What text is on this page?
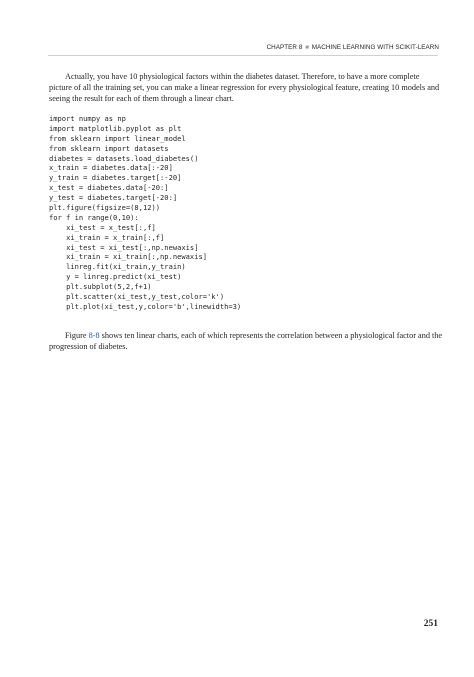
CHAPTER 8 ■ MACHINE LEARNING WITH SCIKIT-LEARN

Actually, you have 10 physiological factors within the diabetes dataset. Therefore, to have a more complete picture of all the training set, you can make a linear regression for every physiological feature, creating 10 models and seeing the result for each of them through a linear chart.

import numpy as np
import matplotlib.pyplot as plt
from sklearn import linear_model
from sklearn import datasets
diabetes = datasets.load_diabetes()
x_train = diabetes.data[:-20]
y_train = diabetes.target[:-20]
x_test = diabetes.data[-20:]
y_test = diabetes.target[-20:]
plt.figure(figsize=(8,12))
for f in range(0,10):
xi_test = x_test[:,f]
xi_train = x_train[:,f]
xi_test = xi_test[:,np.newaxis]
xi_train = xi_train[:,np.newaxis]
linreg.fit(xi_train,y_train)
y = linreg.predict(xi_test)
plt.subplot(5,2,f+1)
plt.scatter(xi_test,y_test,color='k')
plt.plot(xi_test,y,color='b',linewidth=3)

Figure 8-8 shows ten linear charts, each of which represents the correlation between a physiological factor and the progression of diabetes.

251
